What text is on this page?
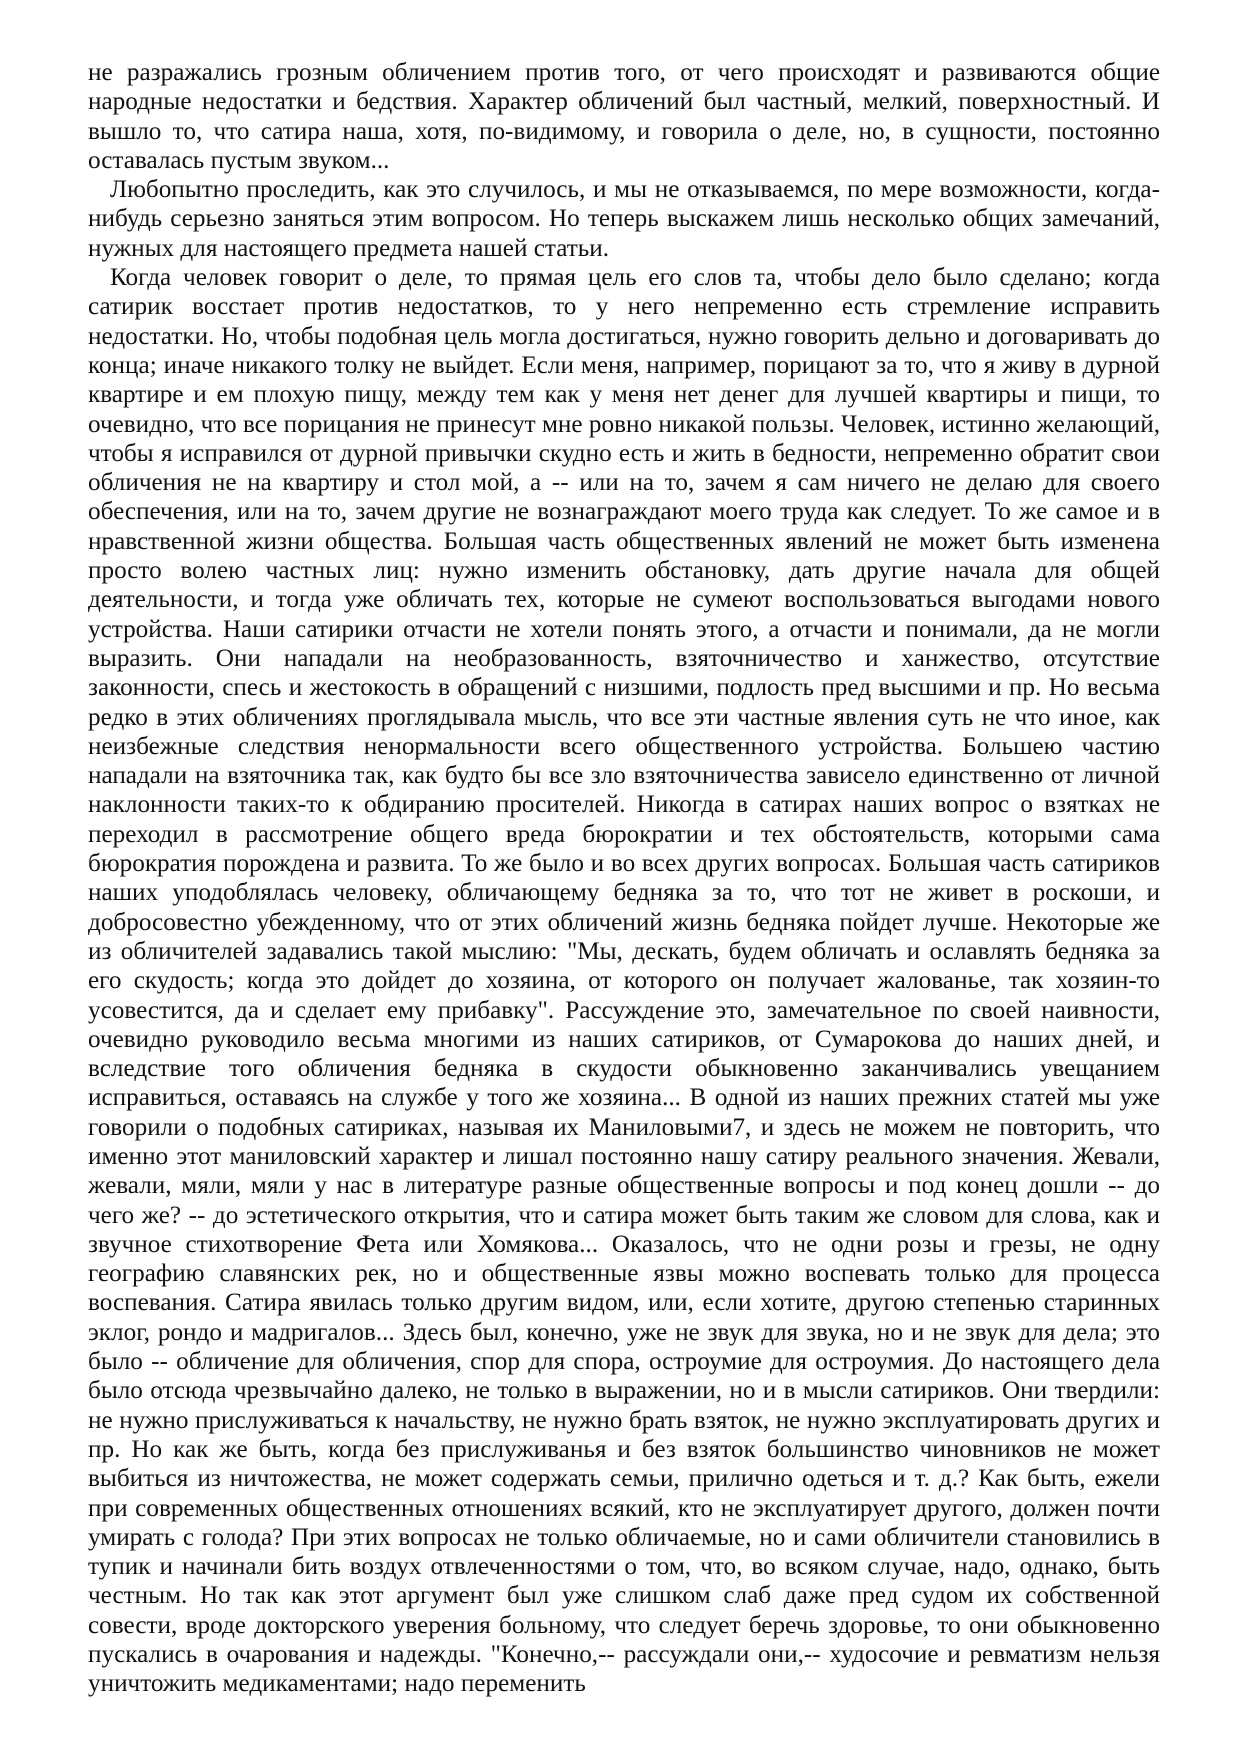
не разражались грозным обличением против того, от чего происходят и развиваются общие народные недостатки и бедствия. Характер обличений был частный, мелкий, поверхностный. И вышло то, что сатира наша, хотя, по-видимому, и говорила о деле, но, в сущности, постоянно оставалась пустым звуком...

Любопытно проследить, как это случилось, и мы не отказываемся, по мере возможности, когда-нибудь серьезно заняться этим вопросом. Но теперь выскажем лишь несколько общих замечаний, нужных для настоящего предмета нашей статьи.

Когда человек говорит о деле, то прямая цель его слов та, чтобы дело было сделано; когда сатирик восстает против недостатков, то у него непременно есть стремление исправить недостатки. Но, чтобы подобная цель могла достигаться, нужно говорить дельно и договаривать до конца; иначе никакого толку не выйдет. Если меня, например, порицают за то, что я живу в дурной квартире и ем плохую пищу, между тем как у меня нет денег для лучшей квартиры и пищи, то очевидно, что все порицания не принесут мне ровно никакой пользы. Человек, истинно желающий, чтобы я исправился от дурной привычки скудно есть и жить в бедности, непременно обратит свои обличения не на квартиру и стол мой, а -- или на то, зачем я сам ничего не делаю для своего обеспечения, или на то, зачем другие не вознаграждают моего труда как следует. То же самое и в нравственной жизни общества. Большая часть общественных явлений не может быть изменена просто волею частных лиц: нужно изменить обстановку, дать другие начала для общей деятельности, и тогда уже обличать тех, которые не сумеют воспользоваться выгодами нового устройства. Наши сатирики отчасти не хотели понять этого, а отчасти и понимали, да не могли выразить. Они нападали на необразованность, взяточничество и ханжество, отсутствие законности, спесь и жестокость в обращений с низшими, подлость пред высшими и пр. Но весьма редко в этих обличениях проглядывала мысль, что все эти частные явления суть не что иное, как неизбежные следствия ненормальности всего общественного устройства. Большею частию нападали на взяточника так, как будто бы все зло взяточничества зависело единственно от личной наклонности таких-то к обдиранию просителей. Никогда в сатирах наших вопрос о взятках не переходил в рассмотрение общего вреда бюрократии и тех обстоятельств, которыми сама бюрократия порождена и развита. То же было и во всех других вопросах. Большая часть сатириков наших уподоблялась человеку, обличающему бедняка за то, что тот не живет в роскоши, и добросовестно убежденному, что от этих обличений жизнь бедняка пойдет лучше. Некоторые же из обличителей задавались такой мыслию: "Мы, дескать, будем обличать и ославлять бедняка за его скудость; когда это дойдет до хозяина, от которого он получает жалованье, так хозяин-то усовестится, да и сделает ему прибавку". Рассуждение это, замечательное по своей наивности, очевидно руководило весьма многими из наших сатириков, от Сумарокова до наших дней, и вследствие того обличения бедняка в скудости обыкновенно заканчивались увещанием исправиться, оставаясь на службе у того же хозяина... В одной из наших прежних статей мы уже говорили о подобных сатириках, называя их Маниловыми7, и здесь не можем не повторить, что именно этот маниловский характер и лишал постоянно нашу сатиру реального значения. Жевали, жевали, мяли, мяли у нас в литературе разные общественные вопросы и под конец дошли -- до чего же? -- до эстетического открытия, что и сатира может быть таким же словом для слова, как и звучное стихотворение Фета или Хомякова... Оказалось, что не одни розы и грезы, не одну географию славянских рек, но и общественные язвы можно воспевать только для процесса воспевания. Сатира явилась только другим видом, или, если хотите, другою степенью старинных эклог, рондо и мадригалов... Здесь был, конечно, уже не звук для звука, но и не звук для дела; это было -- обличение для обличения, спор для спора, остроумие для остроумия. До настоящего дела было отсюда чрезвычайно далеко, не только в выражении, но и в мысли сатириков. Они твердили: не нужно прислуживаться к начальству, не нужно брать взяток, не нужно эксплуатировать других и пр. Но как же быть, когда без прислуживанья и без взяток большинство чиновников не может выбиться из ничтожества, не может содержать семьи, прилично одеться и т. д.? Как быть, ежели при современных общественных отношениях всякий, кто не эксплуатирует другого, должен почти умирать с голода? При этих вопросах не только обличаемые, но и сами обличители становились в тупик и начинали бить воздух отвлеченностями о том, что, во всяком случае, надо, однако, быть честным. Но так как этот аргумент был уже слишком слаб даже пред судом их собственной совести, вроде докторского уверения больному, что следует беречь здоровье, то они обыкновенно пускались в очарования и надежды. "Конечно,-- рассуждали они,-- худосочие и ревматизм нельзя уничтожить медикаментами; надо переменить
